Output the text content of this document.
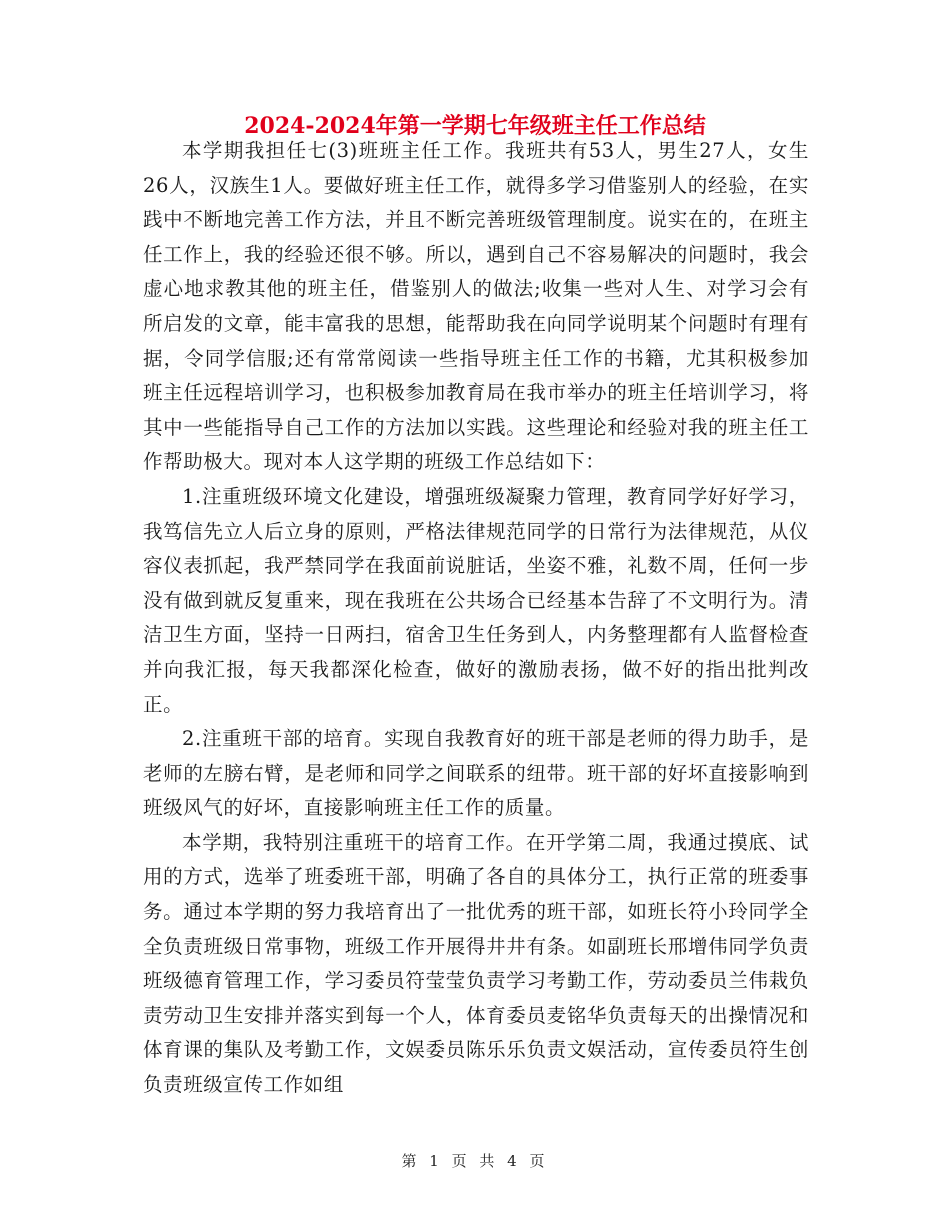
2024-2024年第一学期七年级班主任工作总结

本学期我担任七(3)班班主任工作。我班共有53人，男生27人，女生26人，汉族生1人。要做好班主任工作，就得多学习借鉴别人的经验，在实践中不断地完善工作方法，并且不断完善班级管理制度。说实在的，在班主任工作上，我的经验还很不够。所以，遇到自己不容易解决的问题时，我会虚心地求教其他的班主任，借鉴别人的做法;收集一些对人生、对学习会有所启发的文章，能丰富我的思想，能帮助我在向同学说明某个问题时有理有据，令同学信服;还有常常阅读一些指导班主任工作的书籍，尤其积极参加班主任远程培训学习，也积极参加教育局在我市举办的班主任培训学习，将其中一些能指导自己工作的方法加以实践。这些理论和经验对我的班主任工作帮助极大。现对本人这学期的班级工作总结如下：

1.注重班级环境文化建设，增强班级凝聚力管理，教育同学好好学习，我笃信先立人后立身的原则，严格法律规范同学的日常行为法律规范，从仪容仪表抓起，我严禁同学在我面前说脏话，坐姿不雅，礼数不周，任何一步没有做到就反复重来，现在我班在公共场合已经基本告辞了不文明行为。清洁卫生方面，坚持一日两扫，宿舍卫生任务到人，内务整理都有人监督检查并向我汇报，每天我都深化检查，做好的激励表扬，做不好的指出批判改正。

2.注重班干部的培育。实现自我教育好的班干部是老师的得力助手，是老师的左膀右臂，是老师和同学之间联系的纽带。班干部的好坏直接影响到班级风气的好坏，直接影响班主任工作的质量。

本学期，我特别注重班干的培育工作。在开学第二周，我通过摸底、试用的方式，选举了班委班干部，明确了各自的具体分工，执行正常的班委事务。通过本学期的努力我培育出了一批优秀的班干部，如班长符小玲同学全全负责班级日常事物，班级工作开展得井井有条。如副班长邢增伟同学负责班级德育管理工作，学习委员符莹莹负责学习考勤工作，劳动委员兰伟栽负责劳动卫生安排并落实到每一个人，体育委员麦铭华负责每天的出操情况和体育课的集队及考勤工作，文娱委员陈乐乐负责文娱活动，宣传委员符生创负责班级宣传工作如组

第 1 页 共 4 页
